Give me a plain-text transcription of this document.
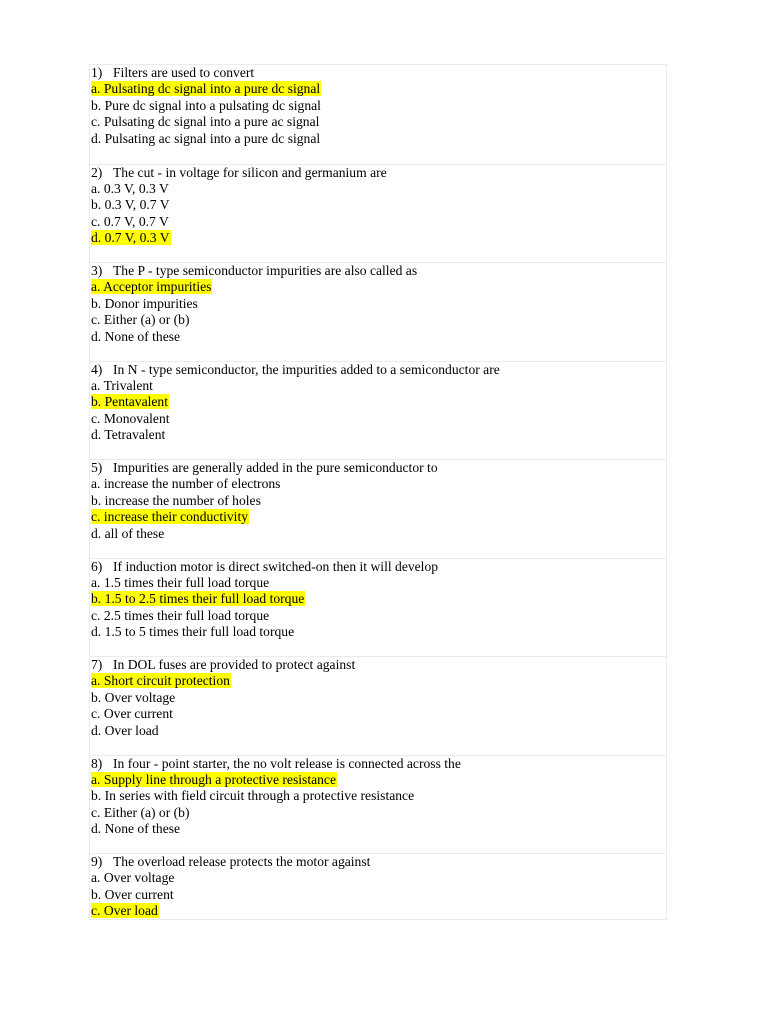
1) Filters are used to convert
a. Pulsating dc signal into a pure dc signal
b. Pure dc signal into a pulsating dc signal
c. Pulsating dc signal into a pure ac signal
d. Pulsating ac signal into a pure dc signal
2) The cut - in voltage for silicon and germanium are
a. 0.3 V, 0.3 V
b. 0.3 V, 0.7 V
c. 0.7 V, 0.7 V
d. 0.7 V, 0.3 V
3) The P - type semiconductor impurities are also called as
a. Acceptor impurities
b. Donor impurities
c. Either (a) or (b)
d. None of these
4) In N - type semiconductor, the impurities added to a semiconductor are
a. Trivalent
b. Pentavalent
c. Monovalent
d. Tetravalent
5) Impurities are generally added in the pure semiconductor to
a. increase the number of electrons
b. increase the number of holes
c. increase their conductivity
d. all of these
6) If induction motor is direct switched-on then it will develop
a. 1.5 times their full load torque
b. 1.5 to 2.5 times their full load torque
c. 2.5 times their full load torque
d. 1.5 to 5 times their full load torque
7) In DOL fuses are provided to protect against
a. Short circuit protection
b. Over voltage
c. Over current
d. Over load
8) In four - point starter, the no volt release is connected across the
a. Supply line through a protective resistance
b. In series with field circuit through a protective resistance
c. Either (a) or (b)
d. None of these
9) The overload release protects the motor against
a. Over voltage
b. Over current
c. Over load
